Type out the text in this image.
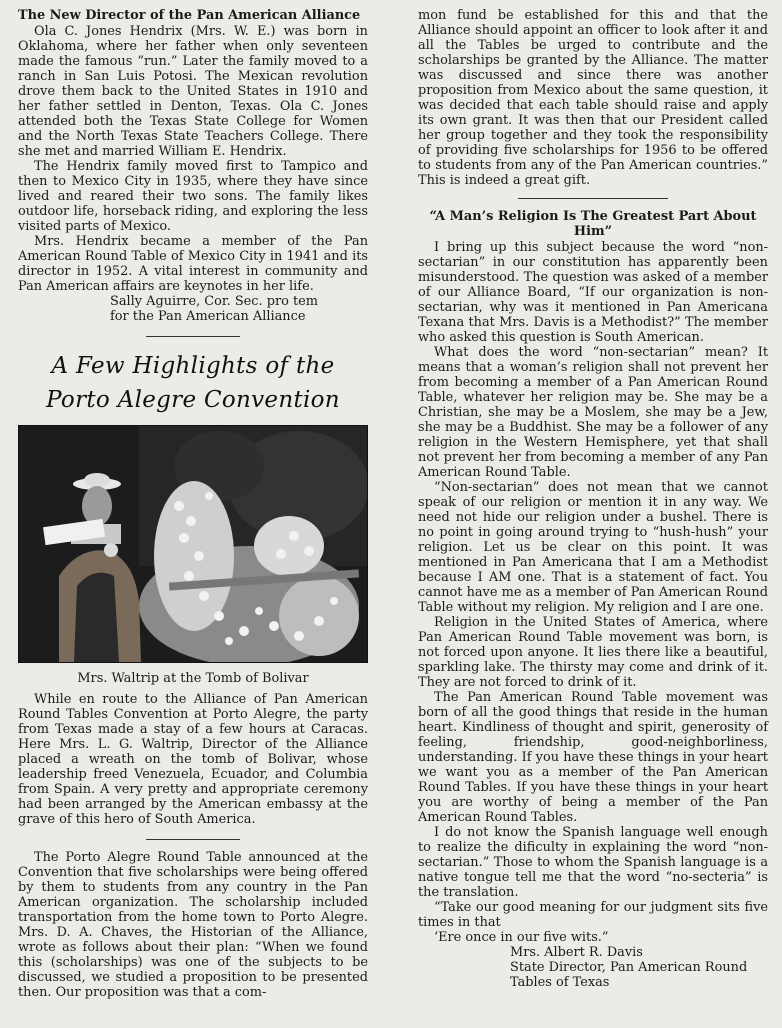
The New Director of the Pan American Alliance

Ola C. Jones Hendrix (Mrs. W. E.) was born in Oklahoma, where her father when only seventeen made the famous “run.” Later the family moved to a ranch in San Luis Potosi. The Mexican revolution drove them back to the United States in 1910 and her father settled in Denton, Texas. Ola C. Jones attended both the Texas State College for Women and the North Texas State Teachers College. There she met and married William E. Hendrix.

The Hendrix family moved first to Tampico and then to Mexico City in 1935, where they have since lived and reared their two sons. The family likes outdoor life, horseback riding, and exploring the less visited parts of Mexico.

Mrs. Hendrix became a member of the Pan American Round Table of Mexico City in 1941 and its director in 1952. A vital interest in community and Pan American affairs are keynotes in her life.

Sally Aguirre, Cor. Sec. pro tem

for the Pan American Alliance

A Few Highlights of the
Porto Alegre Convention

Mrs. Waltrip at the Tomb of Bolivar

While en route to the Alliance of Pan American Round Tables Convention at Porto Alegre, the party from Texas made a stay of a few hours at Caracas. Here Mrs. L. G. Waltrip, Director of the Alliance placed a wreath on the tomb of Bolivar, whose leadership freed Venezuela, Ecuador, and Columbia from Spain. A very pretty and appropriate ceremony had been arranged by the American embassy at the grave of this hero of South America.

The Porto Alegre Round Table announced at the Convention that five scholarships were being offered by them to students from any country in the Pan American organization. The scholarship included transportation from the home town to Porto Alegre. Mrs. D. A. Chaves, the Historian of the Alliance, wrote as follows about their plan: “When we found this (scholarships) was one of the subjects to be discussed, we studied a proposition to be presented then. Our proposition was that a com-

mon fund be established for this and that the Alliance should appoint an officer to look after it and all the Tables be urged to contribute and the scholarships be granted by the Alliance. The matter was discussed and since there was another proposition from Mexico about the same question, it was decided that each table should raise and apply its own grant. It was then that our President called her group together and they took the responsibility of providing five scholarships for 1956 to be offered to students from any of the Pan American countries.” This is indeed a great gift.

“A Man’s Religion Is The Greatest Part About Him”

I bring up this subject because the word “non-sectarian” in our constitution has apparently been misunderstood. The question was asked of a member of our Alliance Board, “If our organization is non-sectarian, why was it mentioned in Pan Americana Texana that Mrs. Davis is a Methodist?” The member who asked this question is South American.

What does the word “non-sectarian” mean? It means that a woman’s religion shall not prevent her from becoming a member of a Pan American Round Table, whatever her religion may be. She may be a Christian, she may be a Moslem, she may be a Jew, she may be a Buddhist. She may be a follower of any religion in the Western Hemisphere, yet that shall not prevent her from becoming a member of any Pan American Round Table.

“Non-sectarian” does not mean that we cannot speak of our religion or mention it in any way. We need not hide our religion under a bushel. There is no point in going around trying to “hush-hush” your religion. Let us be clear on this point. It was mentioned in Pan Americana that I am a Methodist because I AM one. That is a statement of fact. You cannot have me as a member of Pan American Round Table without my religion. My religion and I are one.

Religion in the United States of America, where Pan American Round Table movement was born, is not forced upon anyone. It lies there like a beautiful, sparkling lake. The thirsty may come and drink of it. They are not forced to drink of it.

The Pan American Round Table movement was born of all the good things that reside in the human heart. Kindliness of thought and spirit, generosity of feeling, friendship, good-neighborliness, understanding. If you have these things in your heart we want you as a member of the Pan American Round Tables. If you have these things in your heart you are worthy of being a member of the Pan American Round Tables.

I do not know the Spanish language well enough to realize the dificulty in explaining the word “non-sectarian.” Those to whom the Spanish language is a native tongue tell me that the word “no-secteria” is the translation.

“Take our good meaning for our judgment sits five times in that

‘Ere once in our five wits.”

Mrs. Albert R. Davis

State Director, Pan American Round

Tables of Texas
